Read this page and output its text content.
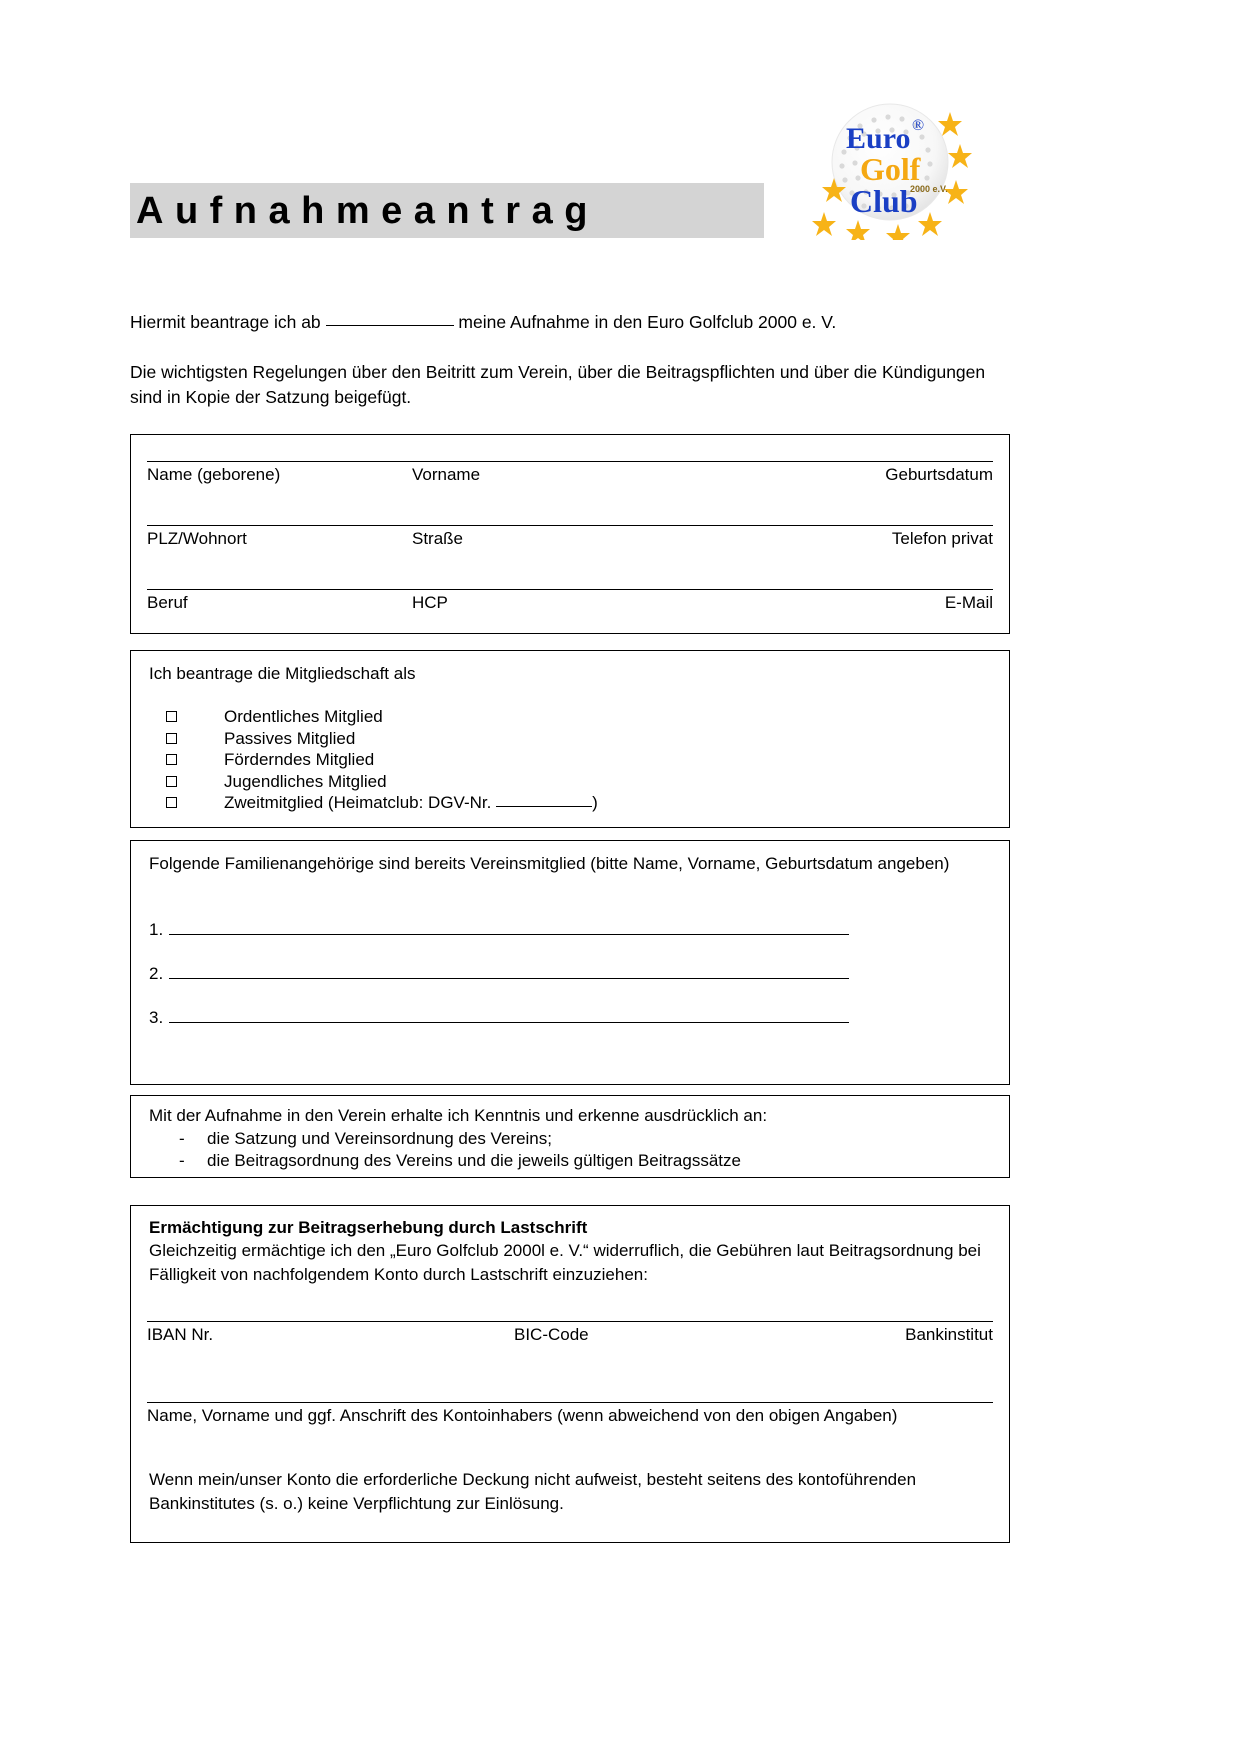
Aufnahmeantrag
Euro
Golf
Club
®
2000 e.V.
Hiermit beantrage ich ab	meine Aufnahme in den Euro Golfclub 2000 e. V.
Die wichtigsten Regelungen über den Beitritt zum Verein, über die Beitragspflichten und über die Kündigungen sind in Kopie der Satzung beigefügt.
Name (geborene)	Vorname	Geburtsdatum
PLZ/Wohnort	Straße	Telefon privat
Beruf	HCP	E-Mail
Ich beantrage die Mitgliedschaft als
Ordentliches Mitglied
Passives Mitglied
Förderndes Mitglied
Jugendliches Mitglied
Zweitmitglied (Heimatclub: DGV-Nr.	)
Folgende Familienangehörige sind bereits Vereinsmitglied (bitte Name, Vorname, Geburtsdatum angeben)
1.
2.
3.
Mit der Aufnahme in den Verein erhalte ich Kenntnis und erkenne ausdrücklich an:
-	die Satzung und Vereinsordnung des Vereins;
-	die Beitragsordnung des Vereins und die jeweils gültigen Beitragssätze
Ermächtigung zur Beitragserhebung durch Lastschrift
Gleichzeitig ermächtige ich den „Euro Golfclub 2000l e. V.“ widerruflich, die Gebühren laut Beitragsordnung bei Fälligkeit von nachfolgendem Konto durch Lastschrift einzuziehen:
IBAN Nr.	BIC-Code	Bankinstitut
Name, Vorname und ggf. Anschrift des Kontoinhabers (wenn abweichend von den obigen Angaben)
Wenn mein/unser Konto die erforderliche Deckung nicht aufweist, besteht seitens des kontoführenden Bankinstitutes (s. o.) keine Verpflichtung zur Einlösung.
